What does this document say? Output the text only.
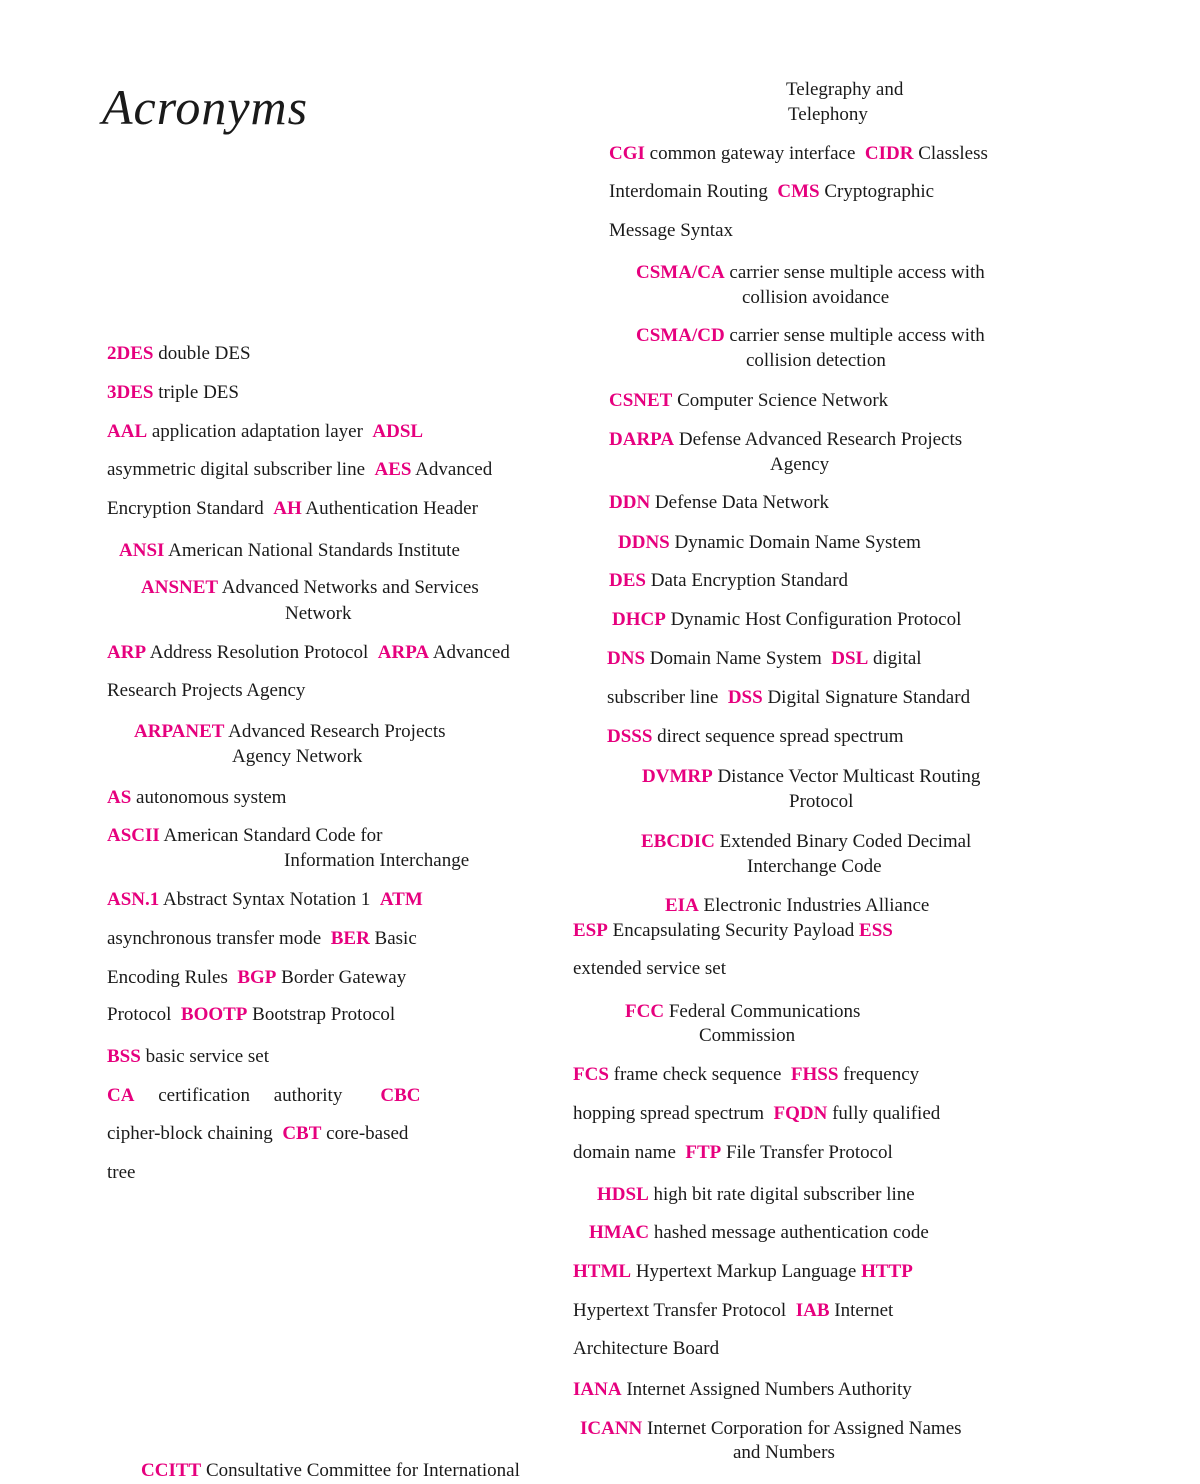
Acronyms
2DES double DES
3DES triple DES
AAL application adaptation layer  ADSL
asymmetric digital subscriber line  AES Advanced
Encryption Standard  AH Authentication Header
ANSI American National Standards Institute
ANSNET Advanced Networks and Services
Network
ARP Address Resolution Protocol  ARPA Advanced
Research Projects Agency
ARPANET Advanced Research Projects
Agency Network
AS autonomous system
ASCII American Standard Code for
Information Interchange
ASN.1 Abstract Syntax Notation 1  ATM
asynchronous transfer mode  BER Basic
Encoding Rules  BGP Border Gateway
Protocol  BOOTP Bootstrap Protocol
BSS basic service set
CA     certification     authority        CBC
cipher-block chaining  CBT core-based
tree
CCITT Consultative Committee for International
Telegraphy and
Telephony
CGI common gateway interface  CIDR Classless
Interdomain Routing  CMS Cryptographic
Message Syntax
CSMA/CA carrier sense multiple access with
collision avoidance
CSMA/CD carrier sense multiple access with
collision detection
CSNET Computer Science Network
DARPA Defense Advanced Research Projects
Agency
DDN Defense Data Network
DDNS Dynamic Domain Name System
DES Data Encryption Standard
DHCP Dynamic Host Configuration Protocol
DNS Domain Name System  DSL digital
subscriber line  DSS Digital Signature Standard
DSSS direct sequence spread spectrum
DVMRP Distance Vector Multicast Routing
Protocol
EBCDIC Extended Binary Coded Decimal
Interchange Code
EIA Electronic Industries Alliance
ESP Encapsulating Security Payload ESS
extended service set
FCC Federal Communications
Commission
FCS frame check sequence  FHSS frequency
hopping spread spectrum  FQDN fully qualified
domain name  FTP File Transfer Protocol
HDSL high bit rate digital subscriber line
HMAC hashed message authentication code
HTML Hypertext Markup Language HTTP
Hypertext Transfer Protocol  IAB Internet
Architecture Board
IANA Internet Assigned Numbers Authority
ICANN Internet Corporation for Assigned Names
and Numbers
